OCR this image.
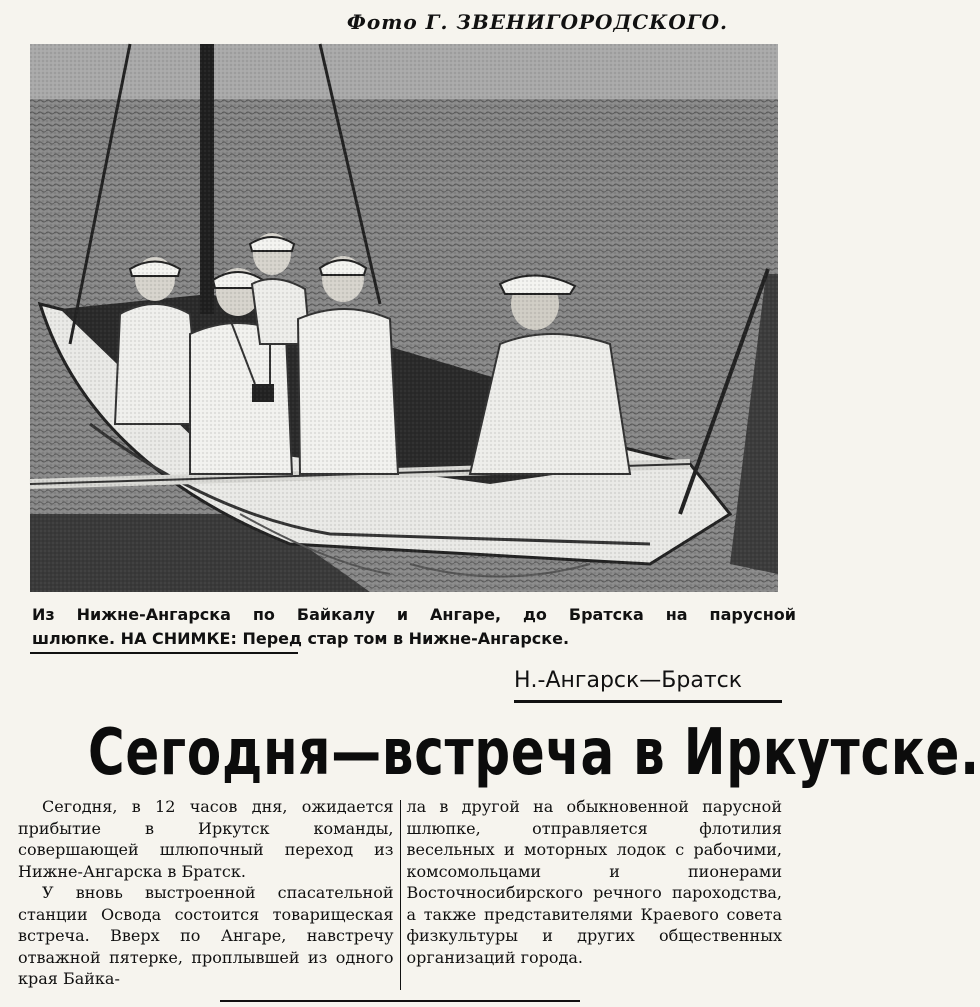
Фото Г. ЗВЕНИГОРОДСКОГО.

Из Нижне-Ангарска по Байкалу и Ангаре, до Братска на парусной

шлюпке. НА СНИМКЕ: Перед стар том в Нижне-Ангарске.

Н.-Ангарск—Братск
Сегодня—встреча в Иркутске.

Сегодня, в 12 часов дня, ожидается прибытие в Иркутск команды, совершающей шлюпочный переход из Нижне-Ангарска в Братск.

У вновь выстроенной спасательной станции Осводa состоится товарищеская встреча. Вверх по Ангаре, навстречу отважной пятерке, проплывшей из одного края Байка-

ла в другой на обыкновенной парусной шлюпке, отправляется флотилия весельных и моторных лодок с рабочими, комсомольцами и пионерами Восточносибирского речного пароходства, а также представителями Краевого совета физкультуры и других общественных организаций города.
